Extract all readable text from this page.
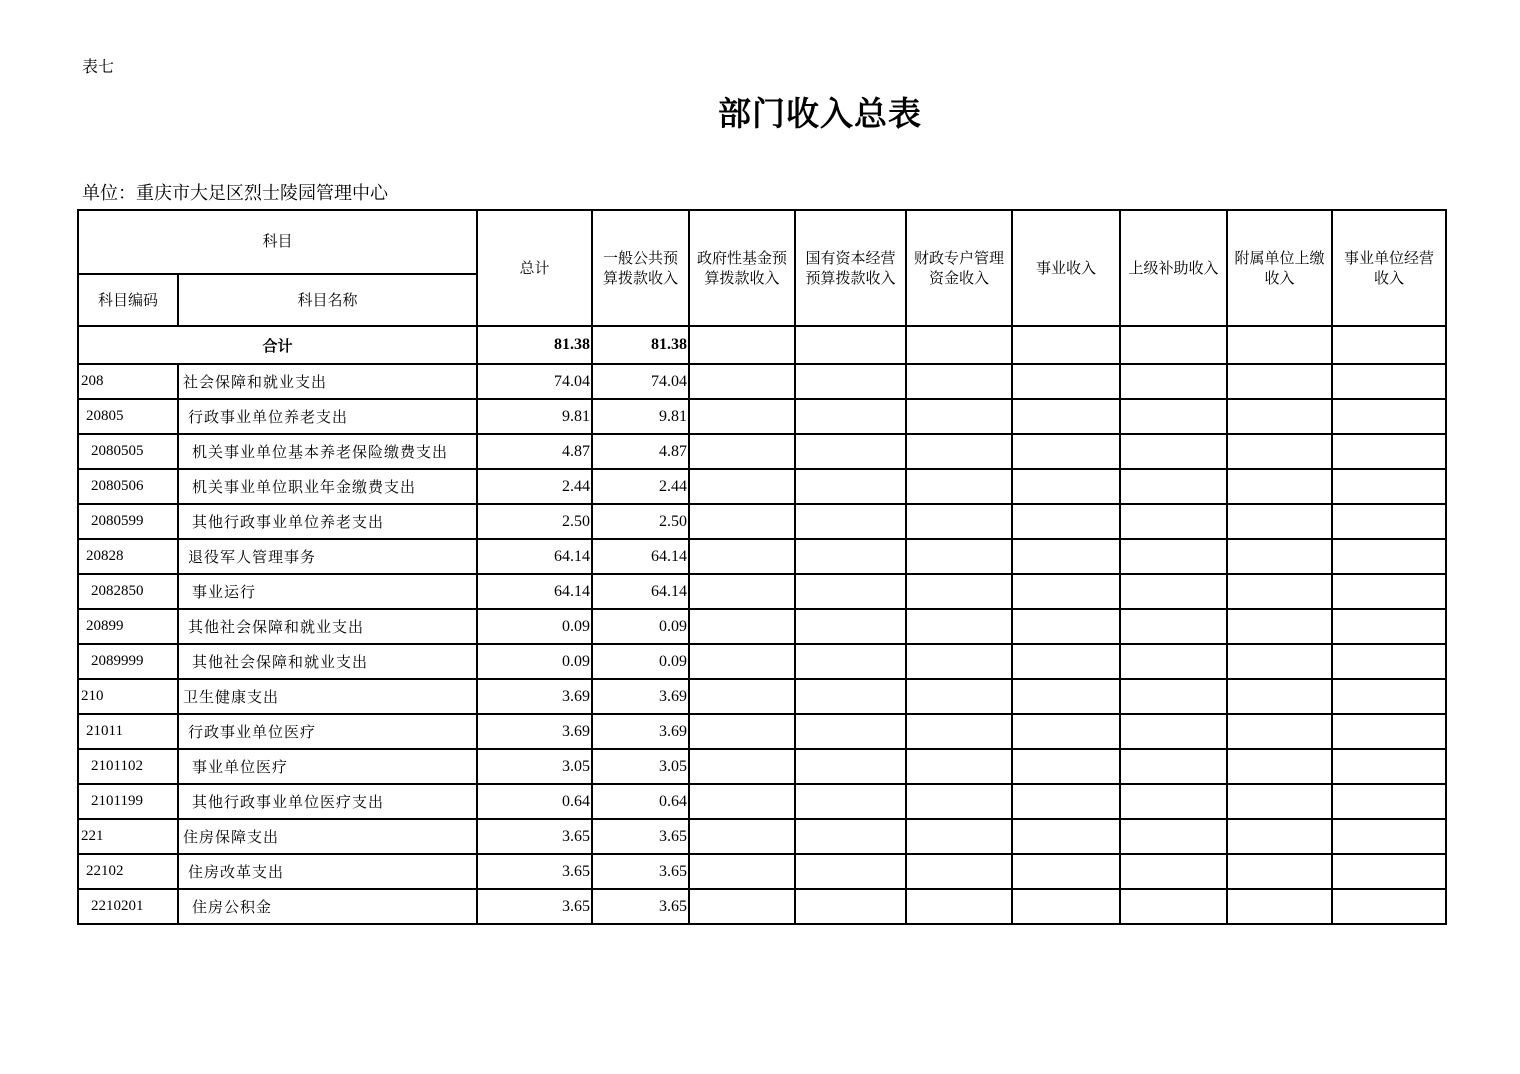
表七
部门收入总表
单位：重庆市大足区烈士陵园管理中心
科目		总计	一般公共预算拨款收入	政府性基金预算拨款收入	国有资本经营预算拨款收入	财政专户管理资金收入	事业收入	上级补助收入	附属单位上缴收入	事业单位经营收入
科目编码	科目名称									
合计		81.38	81.38							
208	社会保障和就业支出	74.04	74.04							
20805	行政事业单位养老支出	9.81	9.81							
2080505	机关事业单位基本养老保险缴费支出	4.87	4.87							
2080506	机关事业单位职业年金缴费支出	2.44	2.44							
2080599	其他行政事业单位养老支出	2.50	2.50							
20828	退役军人管理事务	64.14	64.14							
2082850	事业运行	64.14	64.14							
20899	其他社会保障和就业支出	0.09	0.09							
2089999	其他社会保障和就业支出	0.09	0.09							
210	卫生健康支出	3.69	3.69							
21011	行政事业单位医疗	3.69	3.69							
2101102	事业单位医疗	3.05	3.05							
2101199	其他行政事业单位医疗支出	0.64	0.64							
221	住房保障支出	3.65	3.65							
22102	住房改革支出	3.65	3.65							
2210201	住房公积金	3.65	3.65							
